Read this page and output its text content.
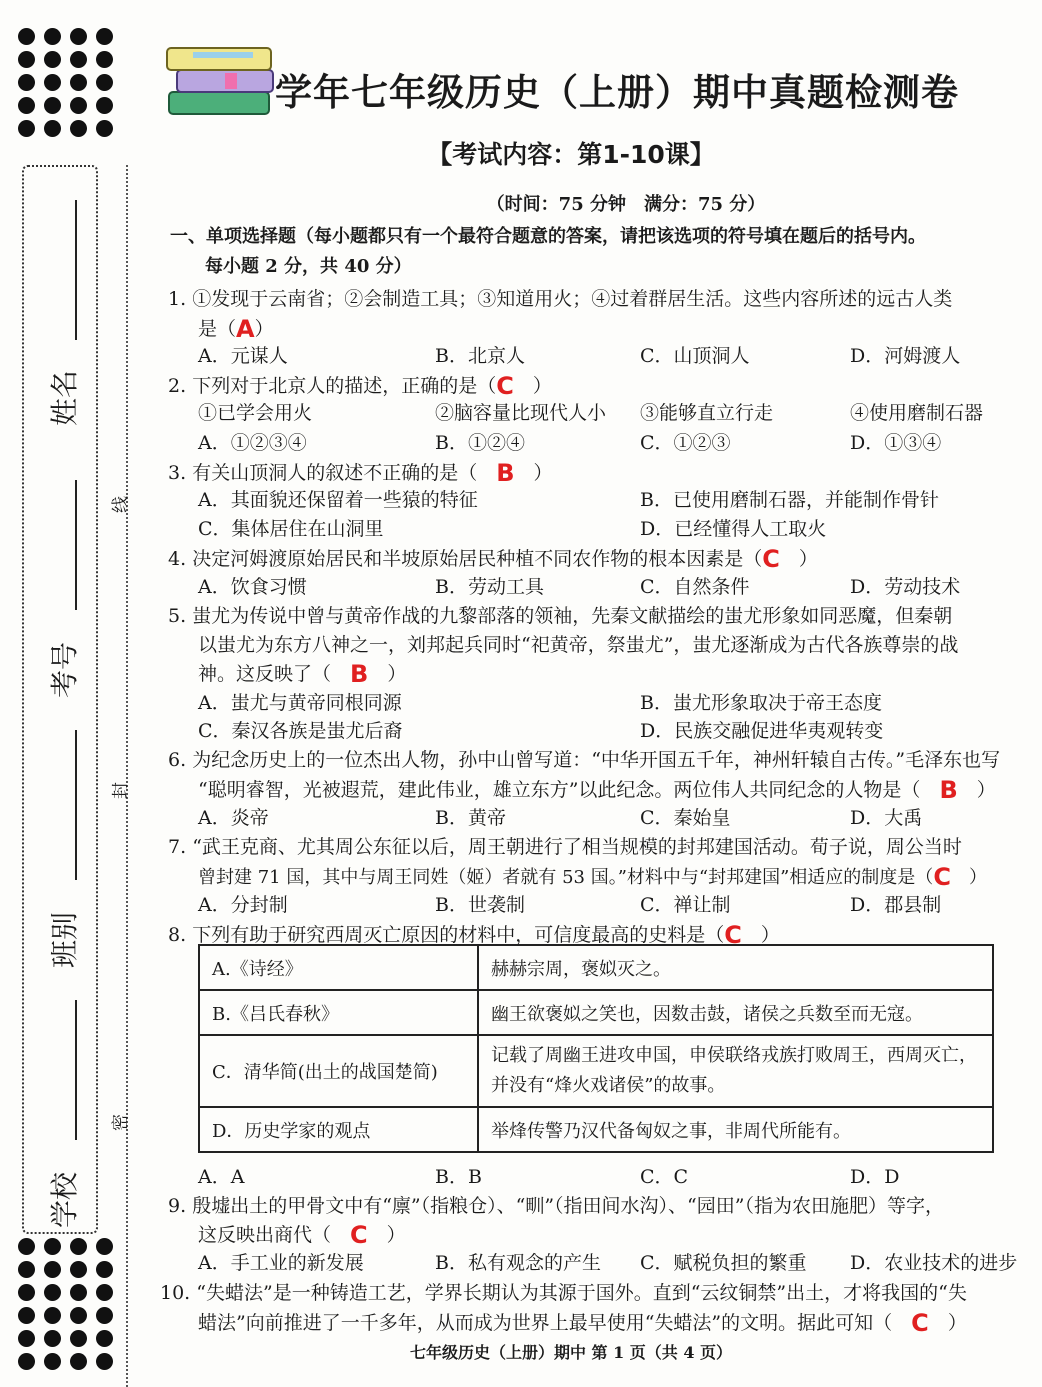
姓名
考号
班别
学校
线
封
密
学年七年级历史（上册）期中真题检测卷
【考试内容：第1-10课】
（时间：75 分钟　满分：75 分）
一、单项选择题（每小题都只有一个最符合题意的答案，请把该选项的符号填在题后的括号内。
每小题 2 分，共 40 分）
1. ①发现于云南省；②会制造工具；③知道用火；④过着群居生活。这些内容所述的远古人类
是（A）
A．元谋人	B．北京人	C．山顶洞人	D．河姆渡人
2. 下列对于北京人的描述，正确的是（C　 ）
①已学会用火	②脑容量比现代人小 ③能够直立行走	④使用磨制石器
A．①②③④	B．①②④	C．①②③	D．①③④
3. 有关山顶洞人的叙述不正确的是（　 B　 ）
A．其面貌还保留着一些猿的特征	B．已使用磨制石器，并能制作骨针
C．集体居住在山洞里	D．已经懂得人工取火
4. 决定河姆渡原始居民和半坡原始居民种植不同农作物的根本因素是（C　 ）
A．饮食习惯	B．劳动工具	C．自然条件	D．劳动技术
5. 蚩尤为传说中曾与黄帝作战的九黎部落的领袖，先秦文献描绘的蚩尤形象如同恶魔，但秦朝
以蚩尤为东方八神之一，刘邦起兵同时“祀黄帝，祭蚩尤”，蚩尤逐渐成为古代各族尊崇的战
神。这反映了（　 B　 ）
A．蚩尤与黄帝同根同源	B．蚩尤形象取决于帝王态度
C．秦汉各族是蚩尤后裔	D．民族交融促进华夷观转变
6. 为纪念历史上的一位杰出人物，孙中山曾写道：“中华开国五千年，神州轩辕自古传。”毛泽东也写
“聪明睿智，光被遐荒，建此伟业，雄立东方”以此纪念。两位伟人共同纪念的人物是（　 B　 ）
A．炎帝	B．黄帝	C．秦始皇	D．大禹
7. “武王克商、尤其周公东征以后，周王朝进行了相当规模的封邦建国活动。荀子说，周公当时
曾封建 71 国，其中与周王同姓（姬）者就有 53 国。”材料中与“封邦建国”相适应的制度是（C　 ）
A．分封制	B．世袭制	C．禅让制	D．郡县制
8. 下列有助于研究西周灭亡原因的材料中，可信度最高的史料是（C　 ）
A.《诗经》	赫赫宗周，褒姒灭之。
B.《吕氏春秋》	幽王欲褒姒之笑也，因数击鼓，诸侯之兵数至而无寇。
C．清华简(出土的战国楚简)	记载了周幽王进攻申国，申侯联络戎族打败周王，西周灭亡，并没有“烽火戏诸侯”的故事。
D．历史学家的观点	举烽传警乃汉代备匈奴之事，非周代所能有。
A．A	B．B	C．C	D．D
9. 殷墟出土的甲骨文中有“廪”（指粮仓）、“甽”（指田间水沟）、“园田”（指为农田施肥）等字，
这反映出商代（　 C　 ）
A．手工业的新发展	B．私有观念的产生 C．赋税负担的繁重 D．农业技术的进步
10. “失蜡法”是一种铸造工艺，学界长期认为其源于国外。直到“云纹铜禁”出土，才将我国的“失
蜡法”向前推进了一千多年，从而成为世界上最早使用“失蜡法”的文明。据此可知（　 C　 ）
七年级历史（上册）期中 第 1 页（共 4 页）
